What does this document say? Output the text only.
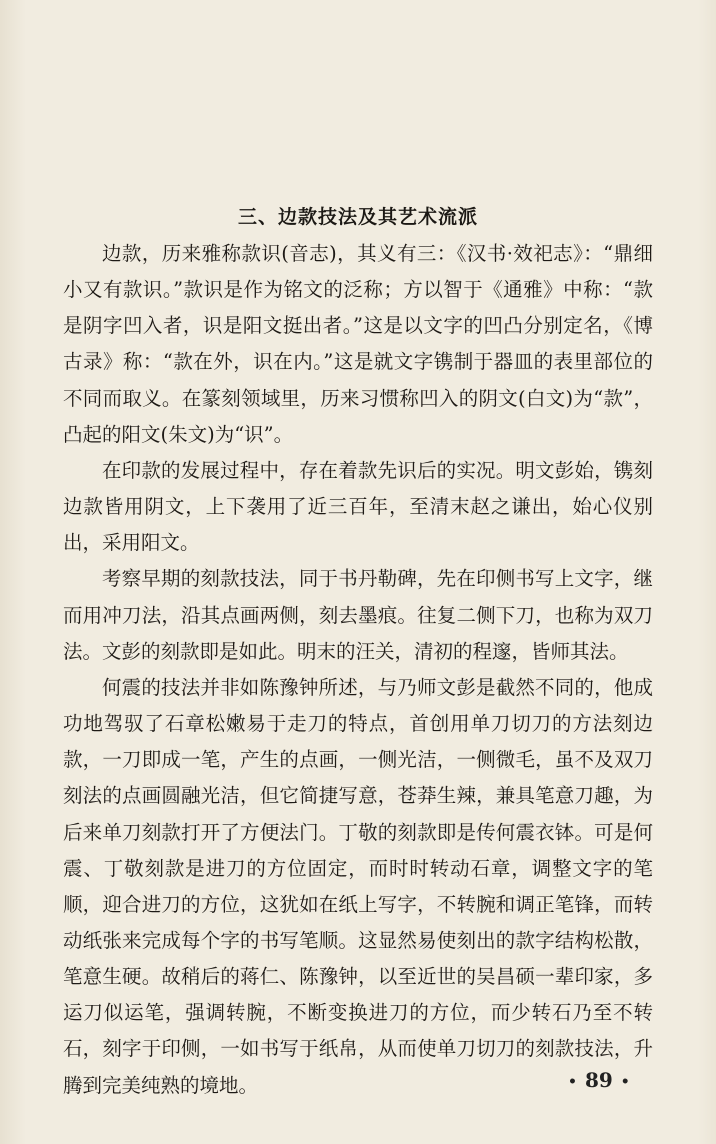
三、边款技法及其艺术流派

边款，历来雅称款识(音志)，其义有三：《汉书·效祀志》：“鼎细小又有款识。”款识是作为铭文的泛称；方以智于《通雅》中称：“款是阴字凹入者，识是阳文挺出者。”这是以文字的凹凸分别定名，《博古录》称：“款在外，识在内。”这是就文字镌制于器皿的表里部位的不同而取义。在篆刻领域里，历来习惯称凹入的阴文(白文)为“款”，凸起的阳文(朱文)为“识”。

在印款的发展过程中，存在着款先识后的实况。明文彭始，镌刻边款皆用阴文，上下袭用了近三百年，至清末赵之谦出，始心仪别出，采用阳文。

考察早期的刻款技法，同于书丹勒碑，先在印侧书写上文字，继而用冲刀法，沿其点画两侧，刻去墨痕。往复二侧下刀，也称为双刀法。文彭的刻款即是如此。明末的汪关，清初的程邃，皆师其法。

何震的技法并非如陈豫钟所述，与乃师文彭是截然不同的，他成功地驾驭了石章松嫩易于走刀的特点，首创用单刀切刀的方法刻边款，一刀即成一笔，产生的点画，一侧光洁，一侧微毛，虽不及双刀刻法的点画圆融光洁，但它简捷写意，苍莽生辣，兼具笔意刀趣，为后来单刀刻款打开了方便法门。丁敬的刻款即是传何震衣钵。可是何震、丁敬刻款是进刀的方位固定，而时时转动石章，调整文字的笔顺，迎合进刀的方位，这犹如在纸上写字，不转腕和调正笔锋，而转动纸张来完成每个字的书写笔顺。这显然易使刻出的款字结构松散，笔意生硬。故稍后的蒋仁、陈豫钟，以至近世的吴昌硕一辈印家，多运刀似运笔，强调转腕，不断变换进刀的方位，而少转石乃至不转石，刻字于印侧，一如书写于纸帛，从而使单刀切刀的刻款技法，升腾到完美纯熟的境地。	• 89 •
